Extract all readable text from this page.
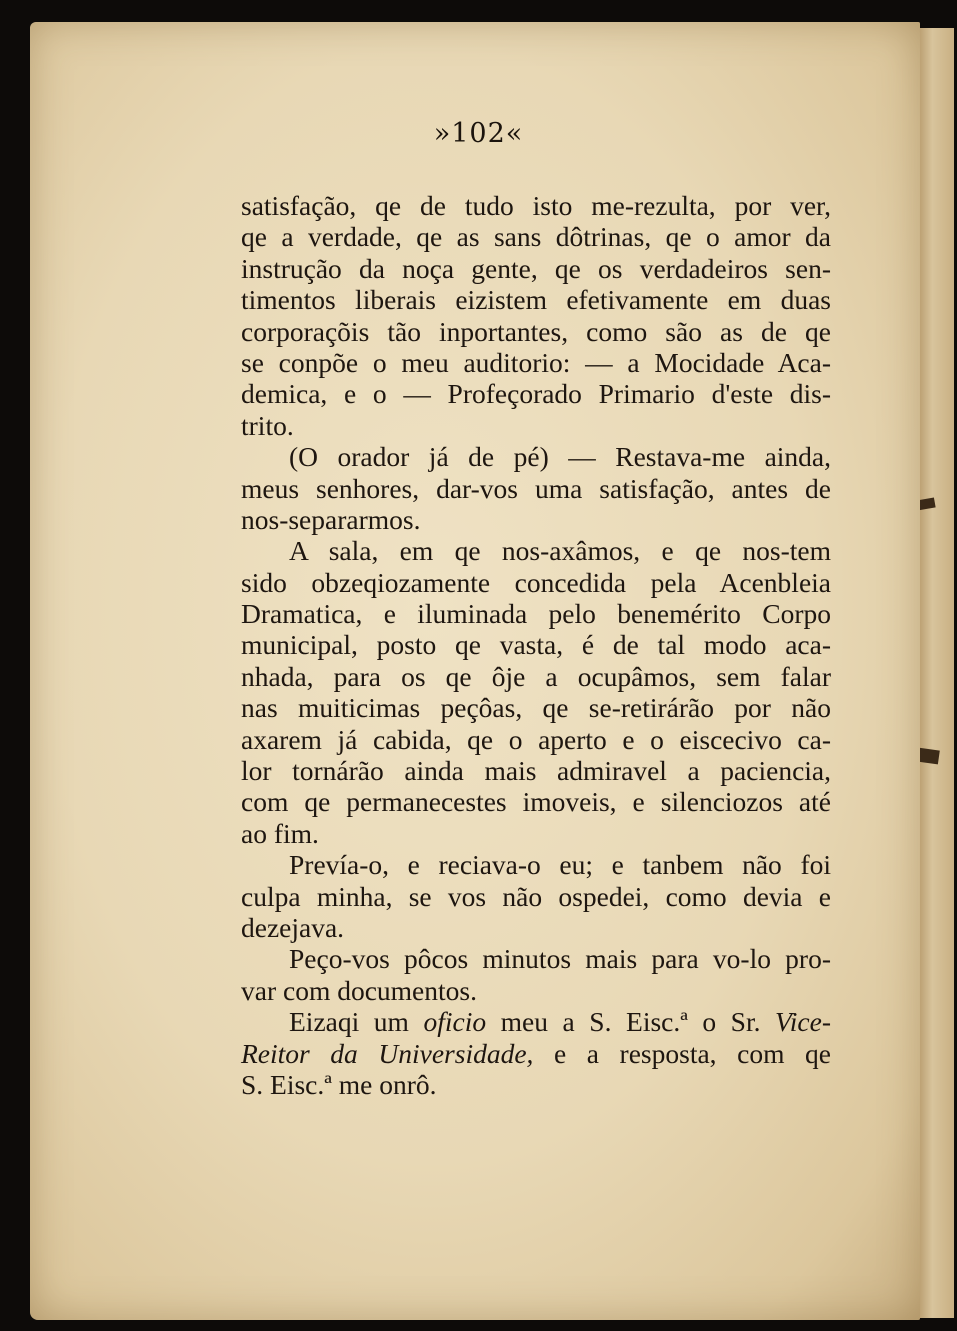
»102«
satisfação, qe de tudo isto me-rezulta, por ver,
qe a verdade, qe as sans dôtrinas, qe o amor da
instrução da noça gente, qe os verdadeiros sen-
timentos liberais eizistem efetivamente em duas
corporaçõis tão inportantes, como são as de qe
se conpõe o meu auditorio: — a Mocidade Aca-
demica, e o — Profeçorado Primario d'este dis-
trito.
(O orador já de pé) — Restava-me ainda,
meus senhores, dar-vos uma satisfação, antes de
nos-separarmos.
A sala, em qe nos-axâmos, e qe nos-tem
sido obzeqiozamente concedida pela Acenbleia
Dramatica, e iluminada pelo benemérito Corpo
municipal, posto qe vasta, é de tal modo aca-
nhada, para os qe ôje a ocupâmos, sem falar
nas muiticimas peçôas, qe se-retirárão por não
axarem já cabida, qe o aperto e o eiscecivo ca-
lor tornárão ainda mais admiravel a paciencia,
com qe permanecestes imoveis, e silenciozos até
ao fim.
Prevía-o, e reciava-o eu; e tanbem não foi
culpa minha, se vos não ospedei, como devia e
dezejava.
Peço-vos pôcos minutos mais para vo-lo pro-
var com documentos.
Eizaqi um oficio meu a S. Eisc.ª o Sr. Vice-
Reitor da Universidade, e a resposta, com qe
S. Eisc.ª me onrô.
